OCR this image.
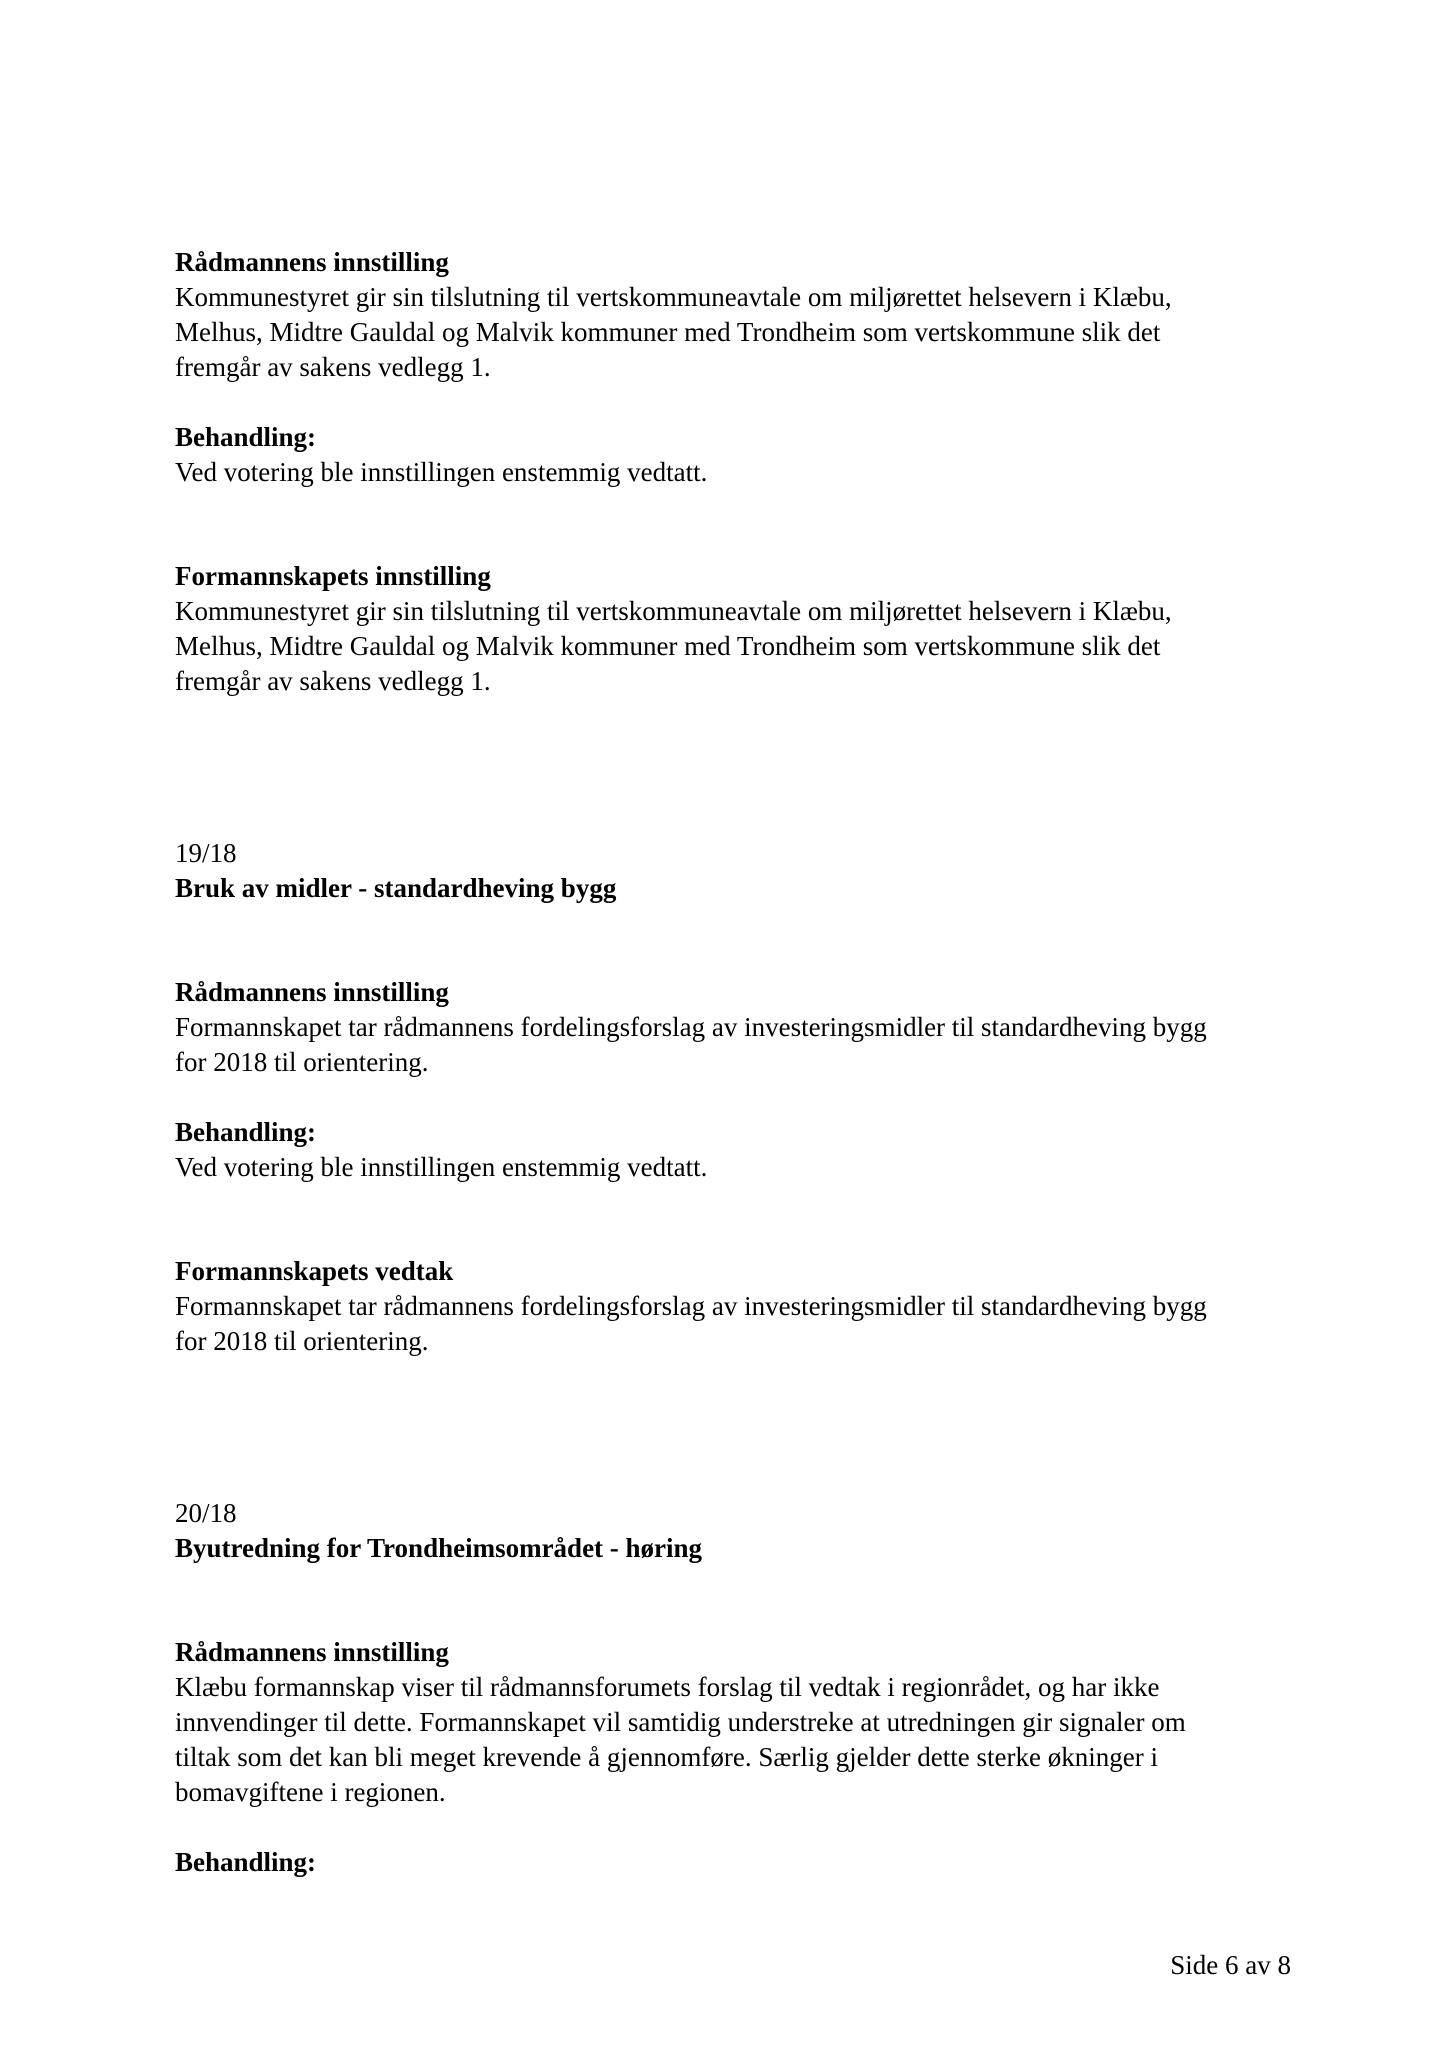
Rådmannens innstilling
Kommunestyret gir sin tilslutning til vertskommuneavtale om miljørettet helsevern i Klæbu,
Melhus, Midtre Gauldal og Malvik kommuner med Trondheim som vertskommune slik det
fremgår av sakens vedlegg 1.
Behandling:
Ved votering ble innstillingen enstemmig vedtatt.
Formannskapets innstilling
Kommunestyret gir sin tilslutning til vertskommuneavtale om miljørettet helsevern i Klæbu,
Melhus, Midtre Gauldal og Malvik kommuner med Trondheim som vertskommune slik det
fremgår av sakens vedlegg 1.
19/18
Bruk av midler - standardheving bygg
Rådmannens innstilling
Formannskapet tar rådmannens fordelingsforslag av investeringsmidler til standardheving bygg
for 2018 til orientering.
Behandling:
Ved votering ble innstillingen enstemmig vedtatt.
Formannskapets vedtak
Formannskapet tar rådmannens fordelingsforslag av investeringsmidler til standardheving bygg
for 2018 til orientering.
20/18
Byutredning for Trondheimsområdet - høring
Rådmannens innstilling
Klæbu formannskap viser til rådmannsforumets forslag til vedtak i regionrådet, og har ikke
innvendinger til dette. Formannskapet vil samtidig understreke at utredningen gir signaler om
tiltak som det kan bli meget krevende å gjennomføre. Særlig gjelder dette sterke økninger i
bomavgiftene i regionen.
Behandling:
Side 6 av 8
